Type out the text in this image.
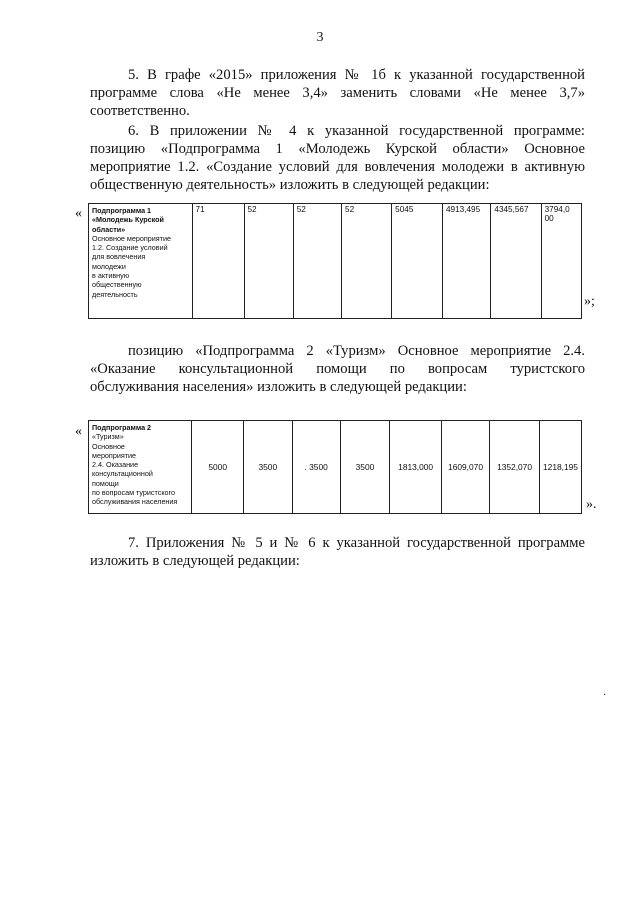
3
5. В графе «2015» приложения № 1б к указанной государственной
программе слова «Не менее 3,4» заменить словами «Не менее 3,7»
соответственно.
6. В приложении № 4 к указанной государственной программе:
позицию «Подпрограмма 1 «Молодежь Курской области» Основное
мероприятие 1.2. «Создание условий для вовлечения молодежи в активную
общественную деятельность» изложить в следующей редакции:
« Подпрограмма 1
«Молодежь Курской
области»
Основное мероприятие
1.2. Создание условий
для вовлечения
молодежи
в активную
общественную
деятельность
	71	52	52	52	5045	4913,495	4345,567	3794,0
00
»;
позицию «Подпрограмма 2 «Туризм» Основное мероприятие 2.4.
«Оказание консультационной помощи по вопросам туристского
обслуживания населения» изложить в следующей редакции:
« Подпрограмма 2
«Туризм»
Основное
мероприятие
2.4. Оказание
консультационной
помощи
по вопросам туристского
обслуживания населения
	5000	3500	. 3500	3500	1813,000	1609,070	1352,070	1218,195
».
7. Приложения № 5 и № 6 к указанной государственной программе
изложить в следующей редакции:
·
